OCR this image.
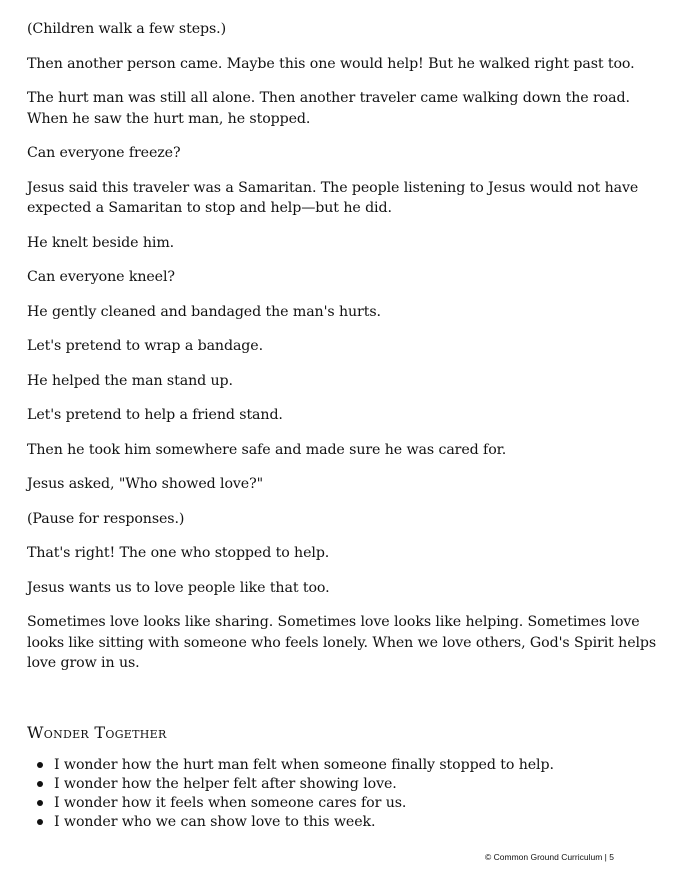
(Children walk a few steps.)

Then another person came. Maybe this one would help! But he walked right past too.

The hurt man was still all alone. Then another traveler came walking down the road. When he saw the hurt man, he stopped.

Can everyone freeze?

Jesus said this traveler was a Samaritan. The people listening to Jesus would not have expected a Samaritan to stop and help—but he did.

He knelt beside him.

Can everyone kneel?

He gently cleaned and bandaged the man's hurts.

Let's pretend to wrap a bandage.

He helped the man stand up.

Let's pretend to help a friend stand.

Then he took him somewhere safe and made sure he was cared for.

Jesus asked, "Who showed love?"

(Pause for responses.)

That's right! The one who stopped to help.

Jesus wants us to love people like that too.

Sometimes love looks like sharing. Sometimes love looks like helping. Sometimes love looks like sitting with someone who feels lonely. When we love others, God's Spirit helps love grow in us.

Wonder Together
I wonder how the hurt man felt when someone finally stopped to help.
I wonder how the helper felt after showing love.
I wonder how it feels when someone cares for us.
I wonder who we can show love to this week.
© Common Ground Curriculum | 5
